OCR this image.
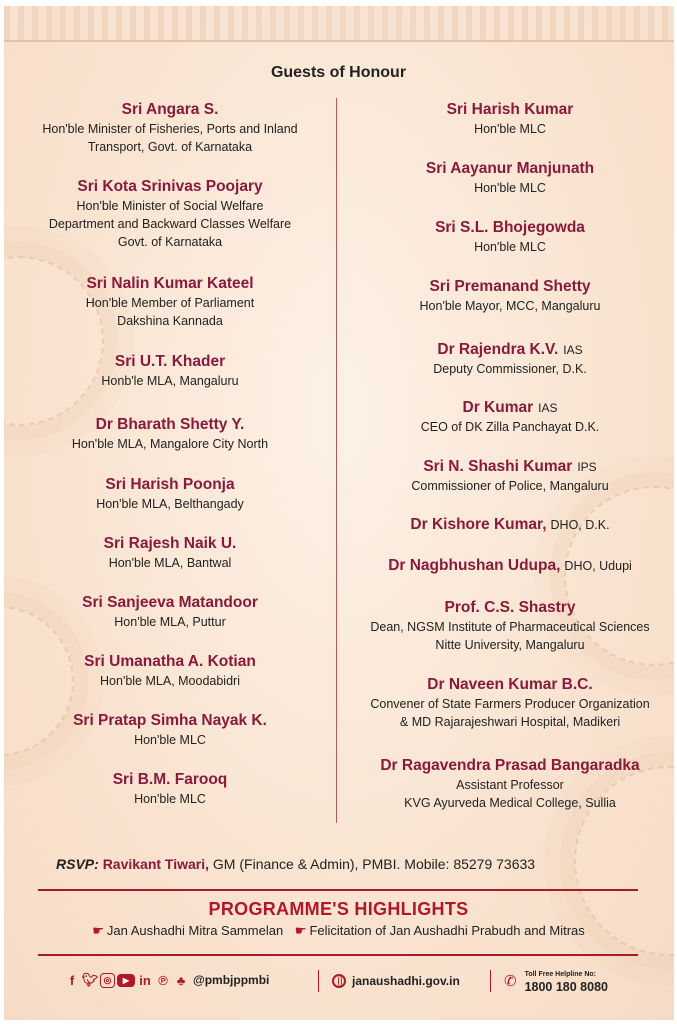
Guests of Honour
Sri Angara S.
Hon'ble Minister of Fisheries, Ports and Inland
Transport, Govt. of Karnataka
Sri Kota Srinivas Poojary
Hon'ble Minister of Social Welfare
Department and Backward Classes Welfare
Govt. of Karnataka
Sri Nalin Kumar Kateel
Hon'ble Member of Parliament
Dakshina Kannada
Sri U.T. Khader
Honb'le MLA, Mangaluru
Dr Bharath Shetty Y.
Hon'ble MLA, Mangalore City North
Sri Harish Poonja
Hon'ble MLA, Belthangady
Sri Rajesh Naik U.
Hon'ble MLA, Bantwal
Sri Sanjeeva Matandoor
Hon'ble MLA, Puttur
Sri Umanatha A. Kotian
Hon'ble MLA, Moodabidri
Sri Pratap Simha Nayak K.
Hon'ble MLC
Sri B.M. Farooq
Hon'ble MLC
Sri Harish Kumar
Hon'ble MLC
Sri Aayanur Manjunath
Hon'ble MLC
Sri S.L. Bhojegowda
Hon'ble MLC
Sri Premanand Shetty
Hon'ble Mayor, MCC, Mangaluru
Dr Rajendra K.V. IAS
Deputy Commissioner, D.K.
Dr Kumar IAS
CEO of DK Zilla Panchayat D.K.
Sri N. Shashi Kumar IPS
Commissioner of Police, Mangaluru
Dr Kishore Kumar, DHO, D.K.
Dr Nagbhushan Udupa, DHO, Udupi
Prof. C.S. Shastry
Dean, NGSM Institute of Pharmaceutical Sciences
Nitte University, Mangaluru
Dr Naveen Kumar B.C.
Convener of State Farmers Producer Organization
& MD Rajarajeshwari Hospital, Madikeri
Dr Ragavendra Prasad Bangaradka
Assistant Professor
KVG Ayurveda Medical College, Sullia
RSVP: Ravikant Tiwari, GM (Finance & Admin), PMBI. Mobile: 85279 73633
PROGRAMME'S HIGHLIGHTS
☛ Jan Aushadhi Mitra Sammelan ☛ Felicitation of Jan Aushadhi Prabudh and Mitras
f 🐦︎ ◎	▶ in ℗ ♣ @pmbjppmbi	janaushadhi.gov.in	✆ Toll Free Helpline No:
1800 180 8080
